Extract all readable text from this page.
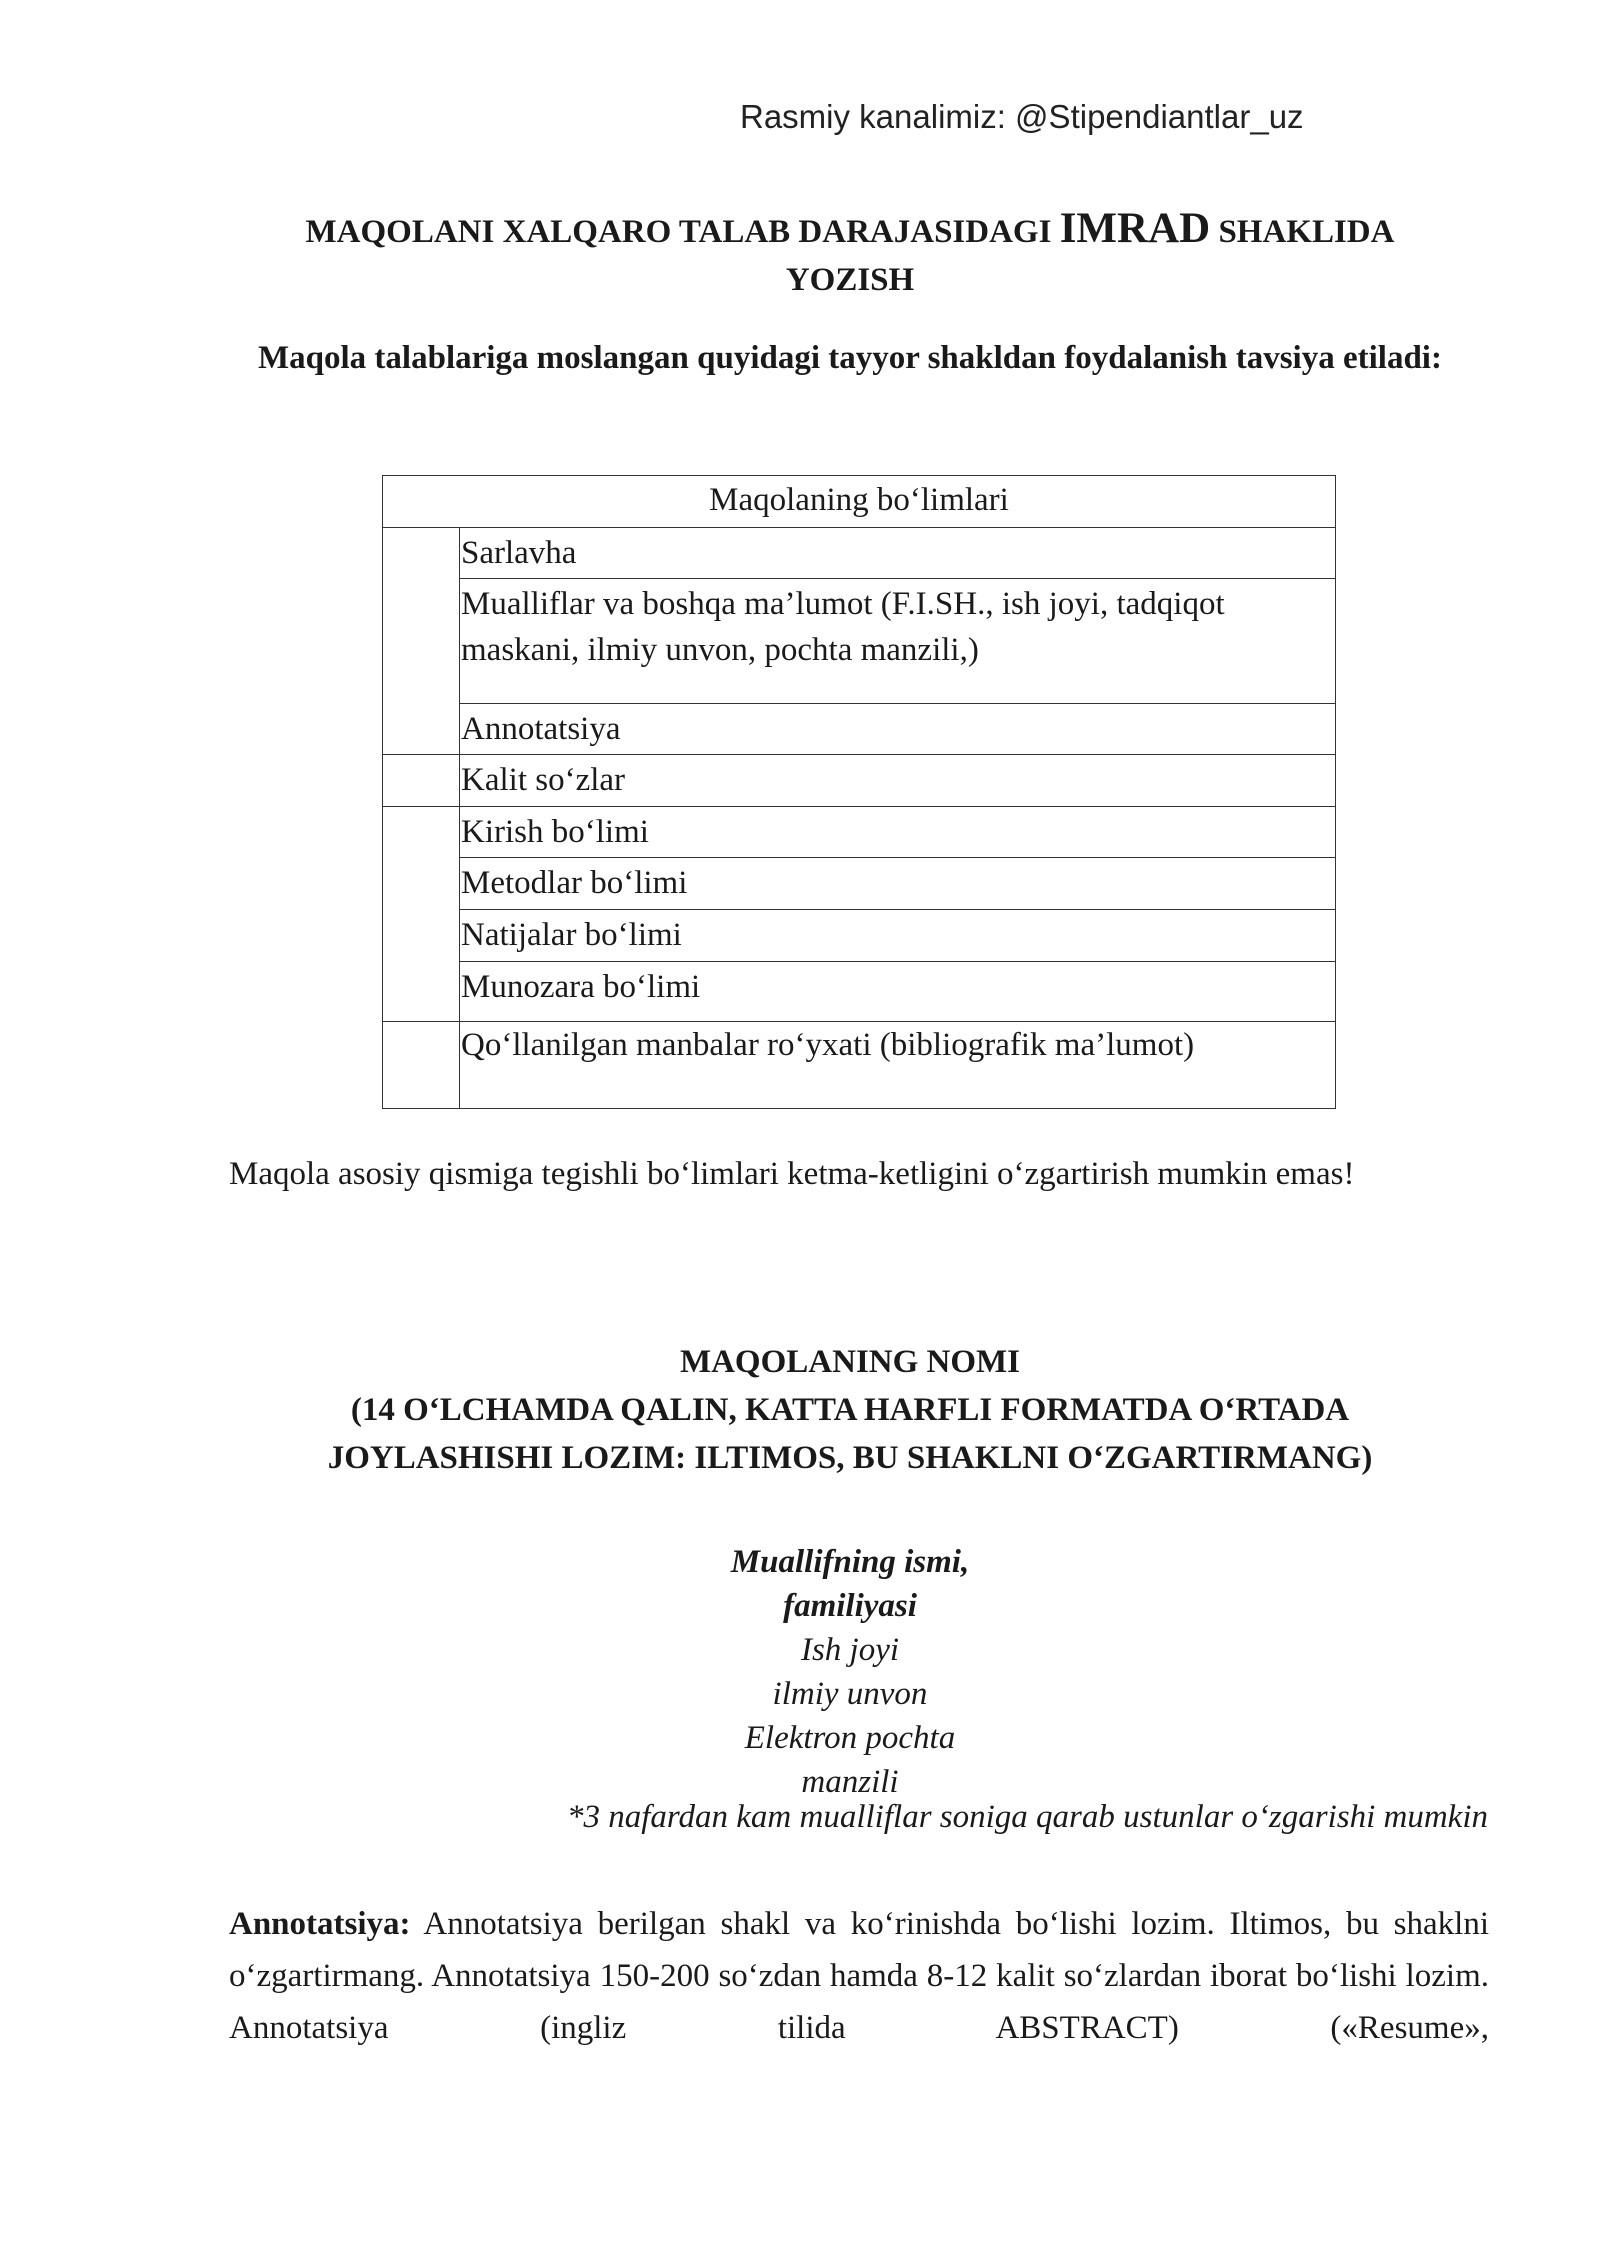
Rasmiy kanalimiz: @Stipendiantlar_uz
MAQOLANI XALQARO TALAB DARAJASIDAGI IMRAD SHAKLIDA
YOZISH
Maqola talablariga moslangan quyidagi tayyor shakldan foydalanish tavsiya etiladi:
Maqolaning bo‘limlari
Sarlavha
Mualliflar va boshqa ma’lumot (F.I.SH., ish joyi, tadqiqot maskani, ilmiy unvon, pochta manzili,)
Annotatsiya
Kalit so‘zlar
Kirish bo‘limi
Metodlar bo‘limi
Natijalar bo‘limi
Munozara bo‘limi
Qo‘llanilgan manbalar ro‘yxati (bibliografik ma’lumot)
Maqola asosiy qismiga tegishli bo‘limlari ketma-ketligini o‘zgartirish mumkin emas!
MAQOLANING NOMI
(14 O‘LCHAMDA QALIN, KATTA HARFLI FORMATDA O‘RTADA
JOYLASHISHI LOZIM: ILTIMOS, BU SHAKLNI O‘ZGARTIRMANG)
Muallifning ismi,
familiyasi
Ish joyi
ilmiy unvon
Elektron pochta
manzili
*3 nafardan kam mualliflar soniga qarab ustunlar o‘zgarishi mumkin
Annotatsiya: Annotatsiya berilgan shakl va ko‘rinishda bo‘lishi lozim. Iltimos, bu shaklni o‘zgartirmang. Annotatsiya 150-200 so‘zdan hamda 8-12 kalit so‘zlardan iborat bo‘lishi lozim. Annotatsiya (ingliz tilida ABSTRACT) («Resume»,
